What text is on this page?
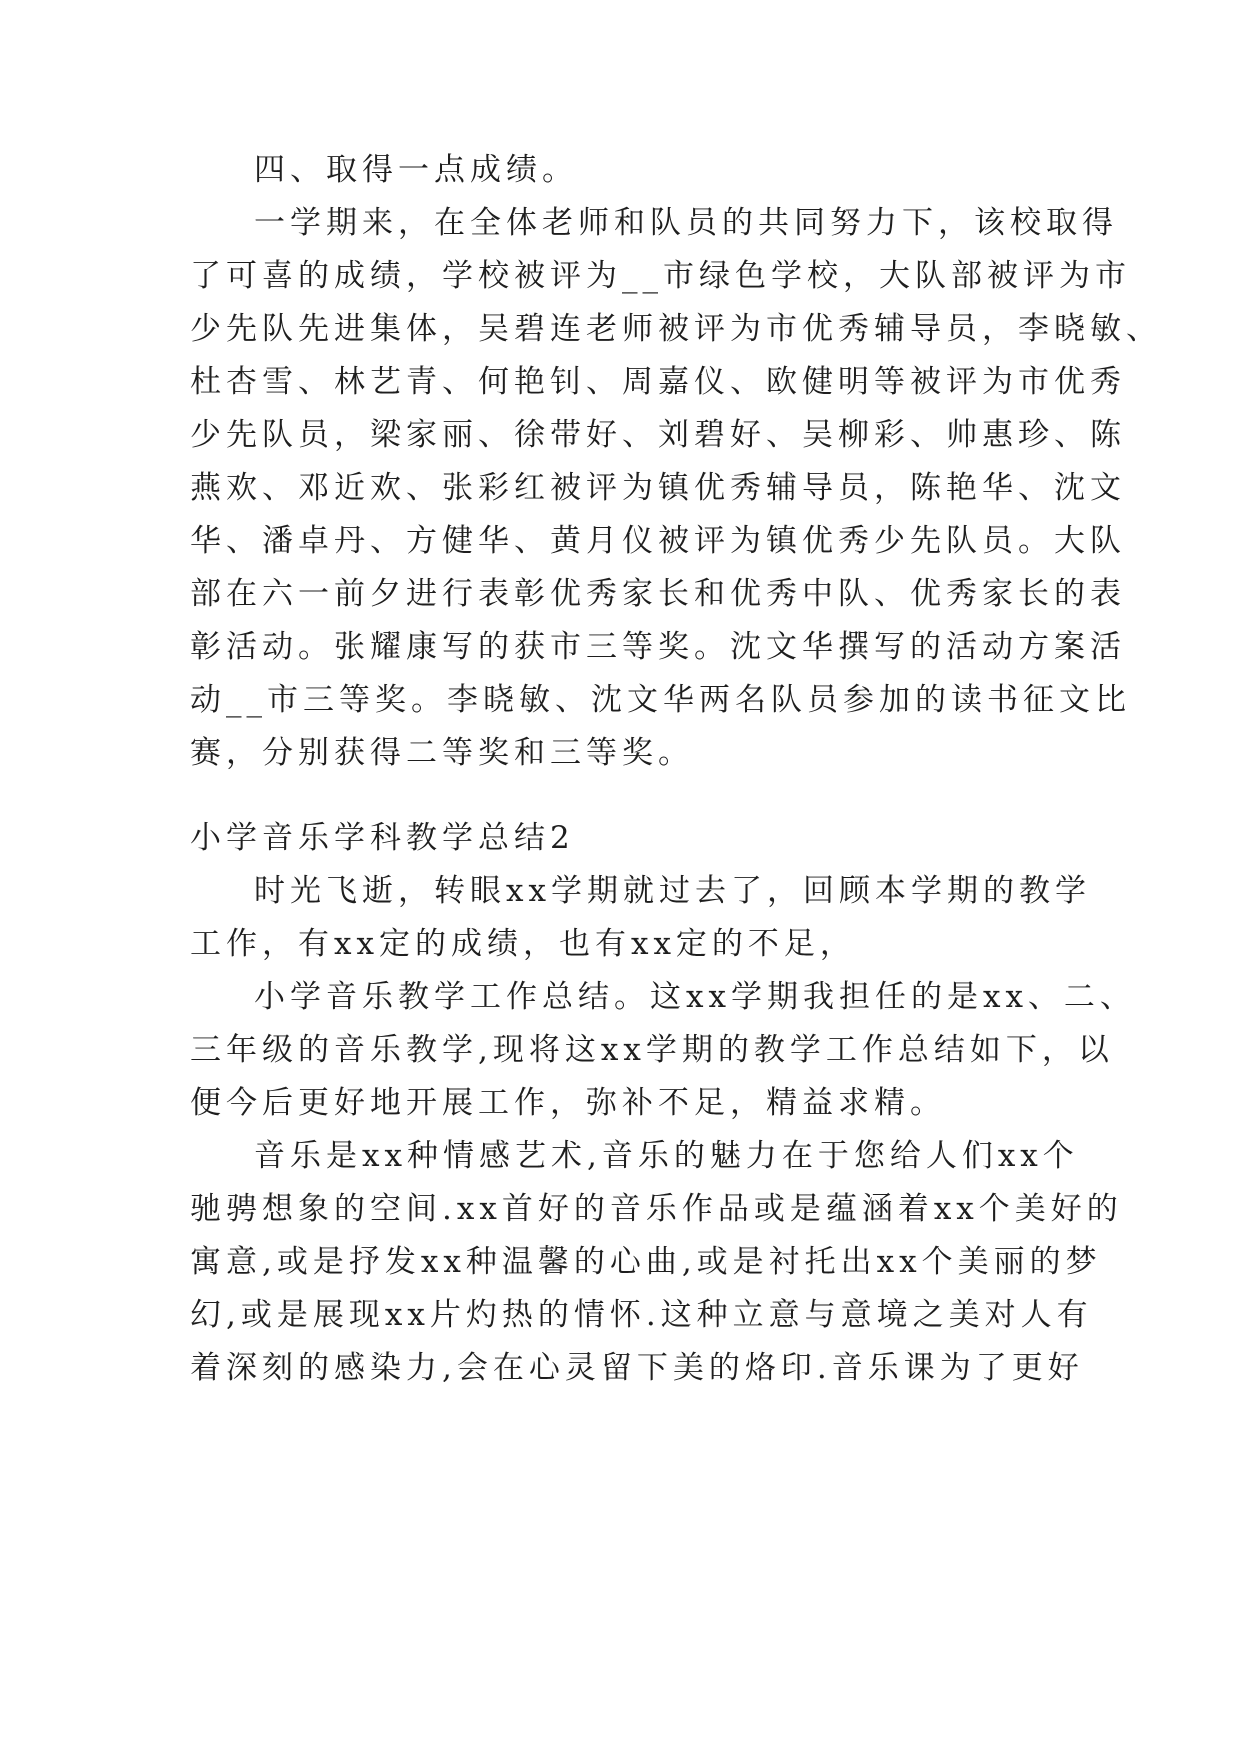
四、取得一点成绩。

一学期来，在全体老师和队员的共同努力下，该校取得

了可喜的成绩，学校被评为__市绿色学校，大队部被评为市

少先队先进集体，吴碧连老师被评为市优秀辅导员，李晓敏、

杜杏雪、林艺青、何艳钊、周嘉仪、欧健明等被评为市优秀

少先队员，梁家丽、徐带好、刘碧好、吴柳彩、帅惠珍、陈

燕欢、邓近欢、张彩红被评为镇优秀辅导员，陈艳华、沈文

华、潘卓丹、方健华、黄月仪被评为镇优秀少先队员。大队

部在六一前夕进行表彰优秀家长和优秀中队、优秀家长的表

彰活动。张耀康写的获市三等奖。沈文华撰写的活动方案活

动__市三等奖。李晓敏、沈文华两名队员参加的读书征文比

赛，分别获得二等奖和三等奖。

小学音乐学科教学总结2

时光飞逝，转眼xx学期就过去了，回顾本学期的教学

工作，有xx定的成绩，也有xx定的不足，

小学音乐教学工作总结。这xx学期我担任的是xx、二、

三年级的音乐教学,现将这xx学期的教学工作总结如下，以

便今后更好地开展工作，弥补不足，精益求精。

音乐是xx种情感艺术,音乐的魅力在于您给人们xx个

驰骋想象的空间.xx首好的音乐作品或是蕴涵着xx个美好的

寓意,或是抒发xx种温馨的心曲,或是衬托出xx个美丽的梦

幻,或是展现xx片灼热的情怀.这种立意与意境之美对人有

着深刻的感染力,会在心灵留下美的烙印.音乐课为了更好
